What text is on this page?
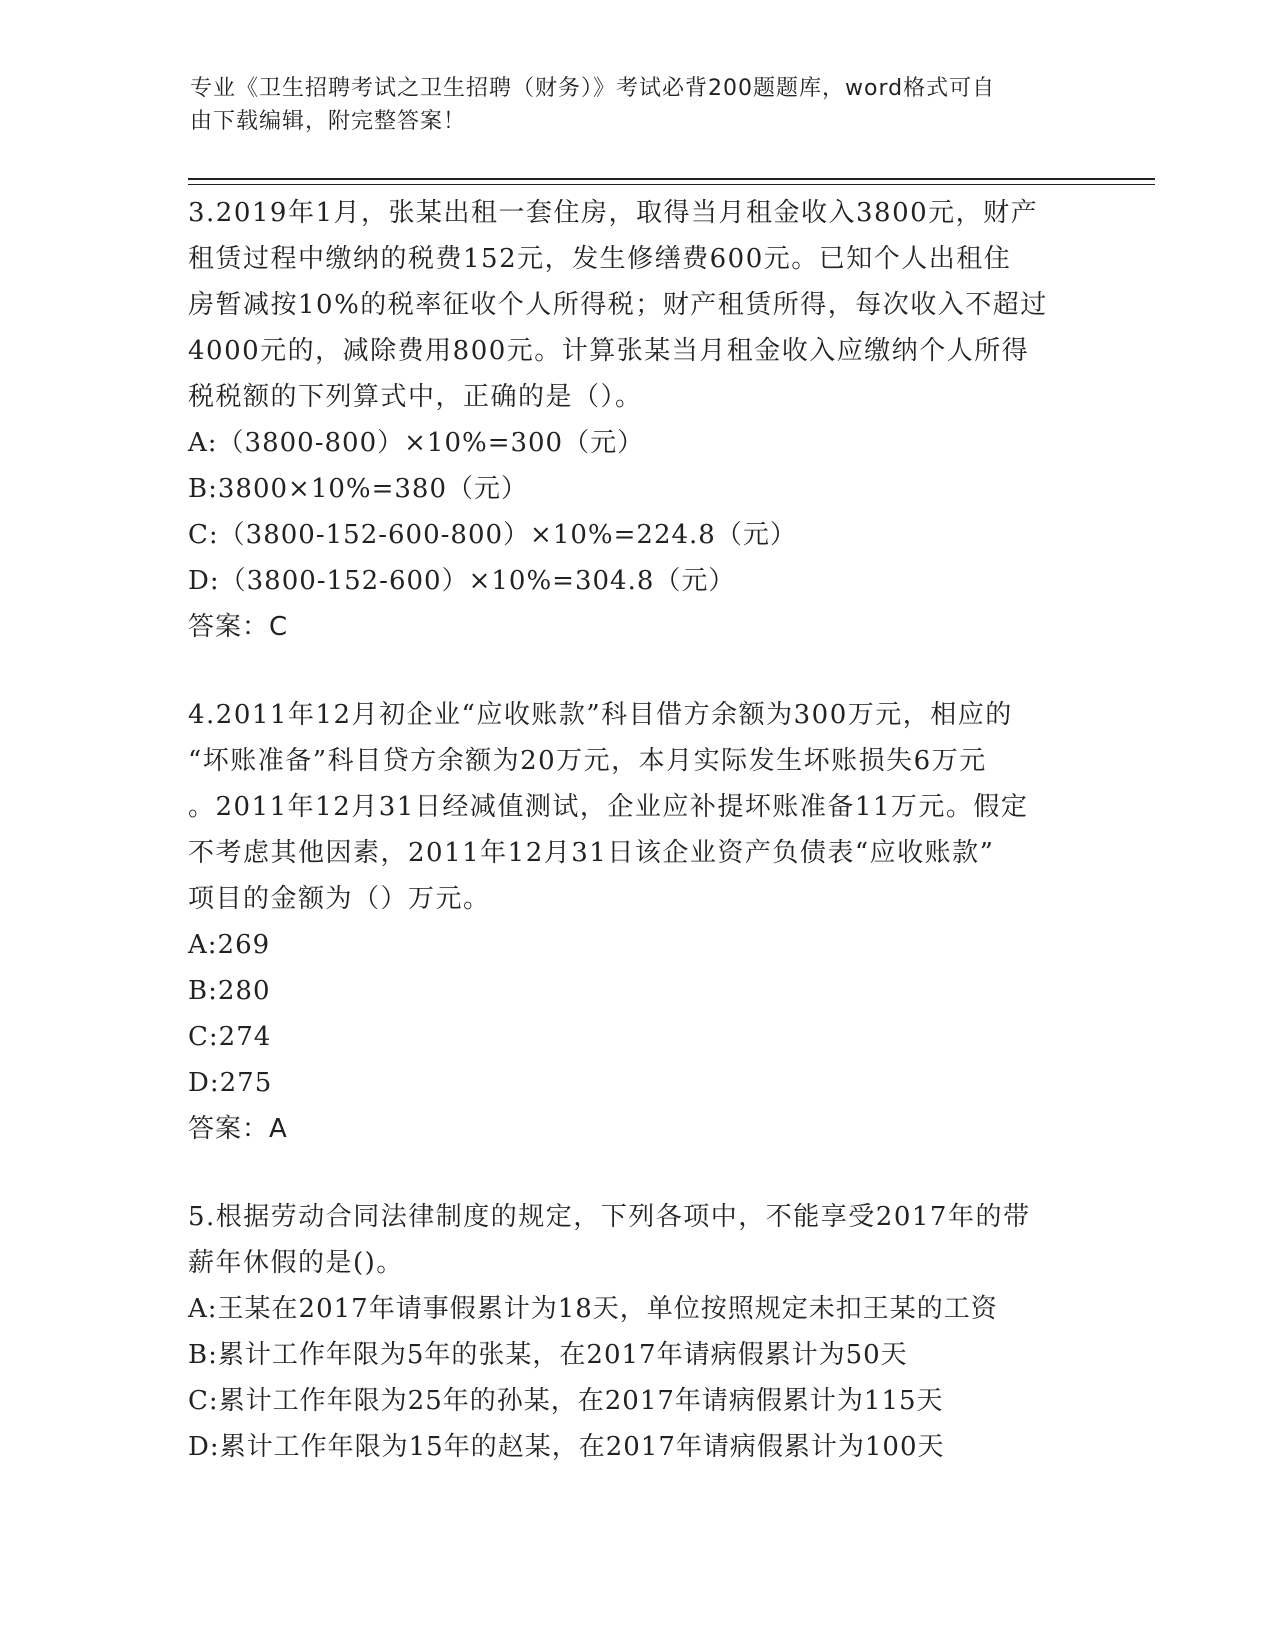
专业《卫生招聘考试之卫生招聘（财务）》考试必背200题题库，word格式可自
由下载编辑，附完整答案！

3.2019年1月，张某出租一套住房，取得当月租金收入3800元，财产

租赁过程中缴纳的税费152元，发生修缮费600元。已知个人出租住

房暂减按10%的税率征收个人所得税；财产租赁所得，每次收入不超过

4000元的，减除费用800元。计算张某当月租金收入应缴纳个人所得

税税额的下列算式中，正确的是（）。

A:（3800-800）×10%=300（元）

B:3800×10%=380（元）

C:（3800-152-600-800）×10%=224.8（元）

D:（3800-152-600）×10%=304.8（元）

答案：C

4.2011年12月初企业“应收账款”科目借方余额为300万元，相应的

“坏账准备”科目贷方余额为20万元，本月实际发生坏账损失6万元

。2011年12月31日经减值测试，企业应补提坏账准备11万元。假定

不考虑其他因素，2011年12月31日该企业资产负债表“应收账款”

项目的金额为（）万元。

A:269

B:280

C:274

D:275

答案：A

5.根据劳动合同法律制度的规定，下列各项中，不能享受2017年的带

薪年休假的是()。

A:王某在2017年请事假累计为18天，单位按照规定未扣王某的工资

B:累计工作年限为5年的张某，在2017年请病假累计为50天

C:累计工作年限为25年的孙某，在2017年请病假累计为115天

D:累计工作年限为15年的赵某，在2017年请病假累计为100天
